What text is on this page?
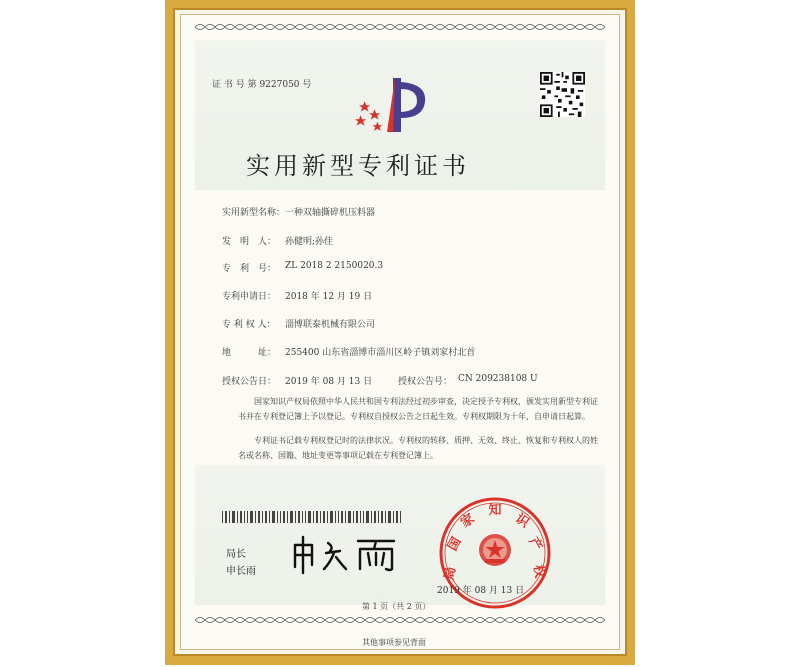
证 书 号 第 9227050 号
实用新型专利证书
实用新型名称： 一种双轴撕碎机压料器
发　明　人： 孙健明;孙佳
专　利　号： ZL 2018 2 2150020.3
专利申请日： 2018 年 12 月 19 日
专 利 权 人： 淄博联泰机械有限公司
地　　　址： 255400 山东省淄博市淄川区岭子镇刘家村北首
授权公告日： 2019 年 08 月 13 日	授权公告号： CN 209238108 U
国家知识产权局依照中华人民共和国专利法经过初步审查，决定授予专利权，颁发实用新型专利证书并在专利登记簿上予以登记。专利权自授权公告之日起生效。专利权期限为十年，自申请日起算。
专利证书记载专利权登记时的法律状况。专利权的转移、质押、无效、终止、恢复和专利权人的姓名或名称、国籍、地址变更等事项记载在专利登记簿上。
局长
申长雨
国
家
知
识
产
权
局
2019 年 08 月 13 日
第 1 页（共 2 页）
其他事项参见背面
